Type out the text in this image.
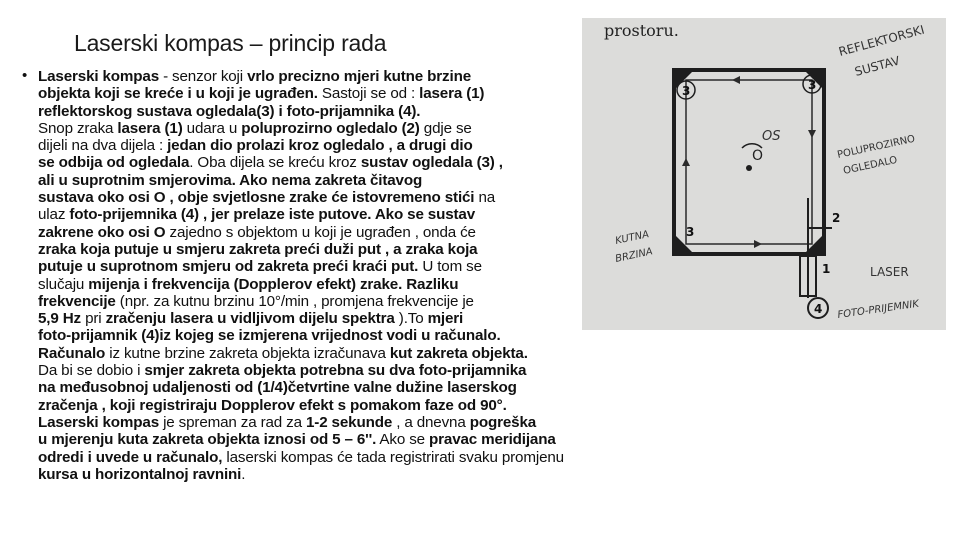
Laserski kompas – princip rada
• Laserski kompas - senzor koji vrlo precizno mjeri kutne brzine
objekta koji se kreće i u koji je ugrađen. Sastoji se od : lasera (1)
reflektorskog sustava ogledala(3) i foto-prijamnika (4).
Snop zraka lasera (1) udara u poluprozirno ogledalo (2) gdje se
dijeli na dva dijela : jedan dio prolazi kroz ogledalo , a drugi dio
se odbija od ogledala. Oba dijela se kreću kroz sustav ogledala (3) ,
ali u suprotnim smjerovima. Ako nema zakreta čitavog
sustava oko osi O , obje svjetlosne zrake će istovremeno stići na
ulaz foto-prijemnika (4) , jer prelaze iste putove. Ako se sustav
zakrene oko osi O zajedno s objektom u koji je ugrađen , onda će
zraka koja putuje u smjeru zakreta preći duži put , a zraka koja
putuje u suprotnom smjeru od zakreta preći kraći put. U tom se
slučaju mijenja i frekvencija (Dopplerov efekt) zrake. Razliku
frekvencije (npr. za kutnu brzinu 10°/min , promjena frekvencije je
5,9 Hz pri zračenju lasera u vidljivom dijelu spektra ).To mjeri
foto-prijamnik (4)iz kojeg se izmjerena vrijednost vodi u računalo.
Računalo iz kutne brzine zakreta objekta izračunava kut zakreta objekta.
Da bi se dobio i smjer zakreta objekta potrebna su dva foto-prijamnika
na međusobnoj udaljenosti od (1/4)četvrtine valne dužine laserskog
zračenja , koji registriraju Dopplerov efekt s pomakom faze od 90°.
Laserski kompas je spreman za rad za 1-2 sekunde , a dnevna pogreška
u mjerenju kuta zakreta objekta iznosi od 5 – 6''. Ako se pravac meridijana
odredi i uvede u računalo, laserski kompas će tada registrirati svaku promjenu
kursa u horizontalnoj ravnini.
prostoru.
O
OS
3	3
3
2
1
4
REFLEKTORSKI
SUSTAV
POLUPROZIRNO
OGLEDALO
KUTNA
BRZINA
LASER
FOTO-PRIJEMNIK
